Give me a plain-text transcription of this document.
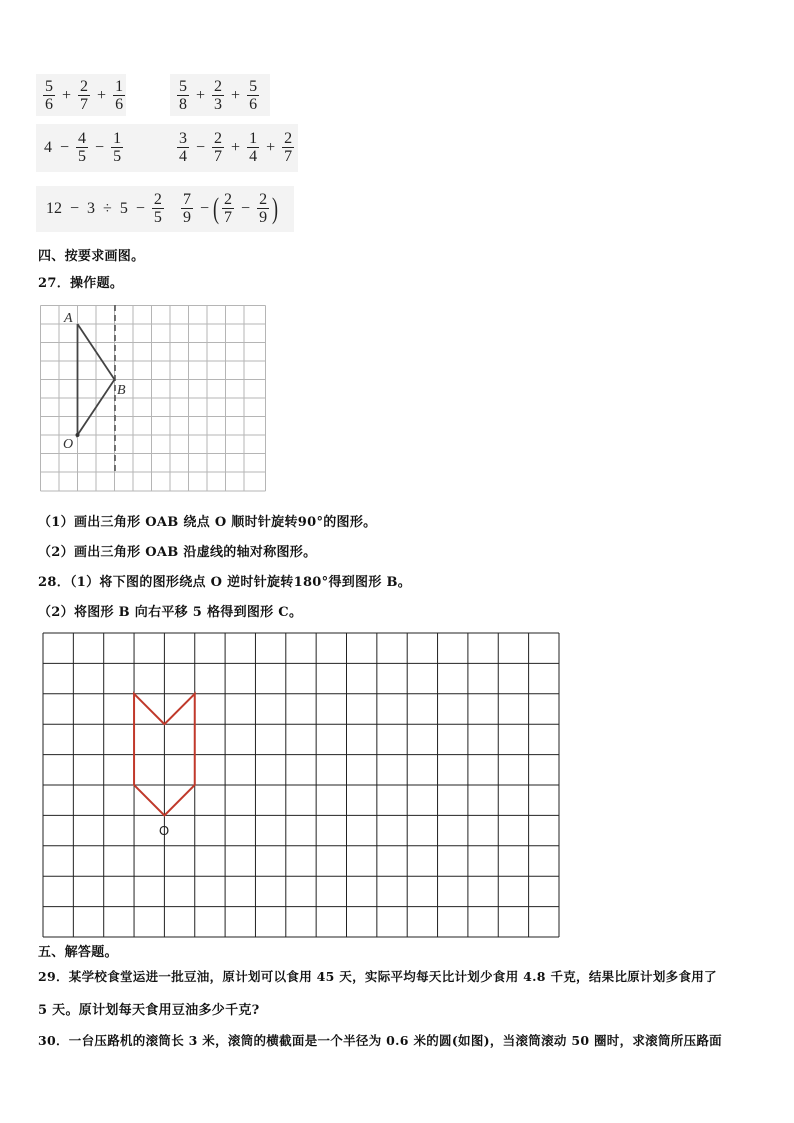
$\frac{5}{6} + \frac{2}{7} + \frac{1}{6}$	$\frac{5}{8} + \frac{2}{3} + \frac{5}{6}$
$4 - \frac{4}{5} - \frac{1}{5}$	$\frac{3}{4} - \frac{2}{7} + \frac{1}{4} + \frac{2}{7}$
$12 - 3 \div 5 - \frac{2}{5} \frac{7}{9}$ − ( $\frac{2}{7} - \frac{2}{9}$ )
四、按要求画图。
27．操作题。
A
B
O
（1）画出三角形 OAB 绕点 O 顺时针旋转90°的图形。
（2）画出三角形 OAB 沿虚线的轴对称图形。
28．（1）将下图的图形绕点 O 逆时针旋转180°得到图形 B。
（2）将图形 B 向右平移 5 格得到图形 C。
O
五、解答题。
29．某学校食堂运进一批豆油，原计划可以食用 45 天，实际平均每天比计划少食用 4.8 千克，结果比原计划多食用了
5 天。原计划每天食用豆油多少千克?
30．一台压路机的滚筒长 3 米，滚筒的横截面是一个半径为 0.6 米的圆(如图)，当滚筒滚动 50 圈时，求滚筒所压路面
